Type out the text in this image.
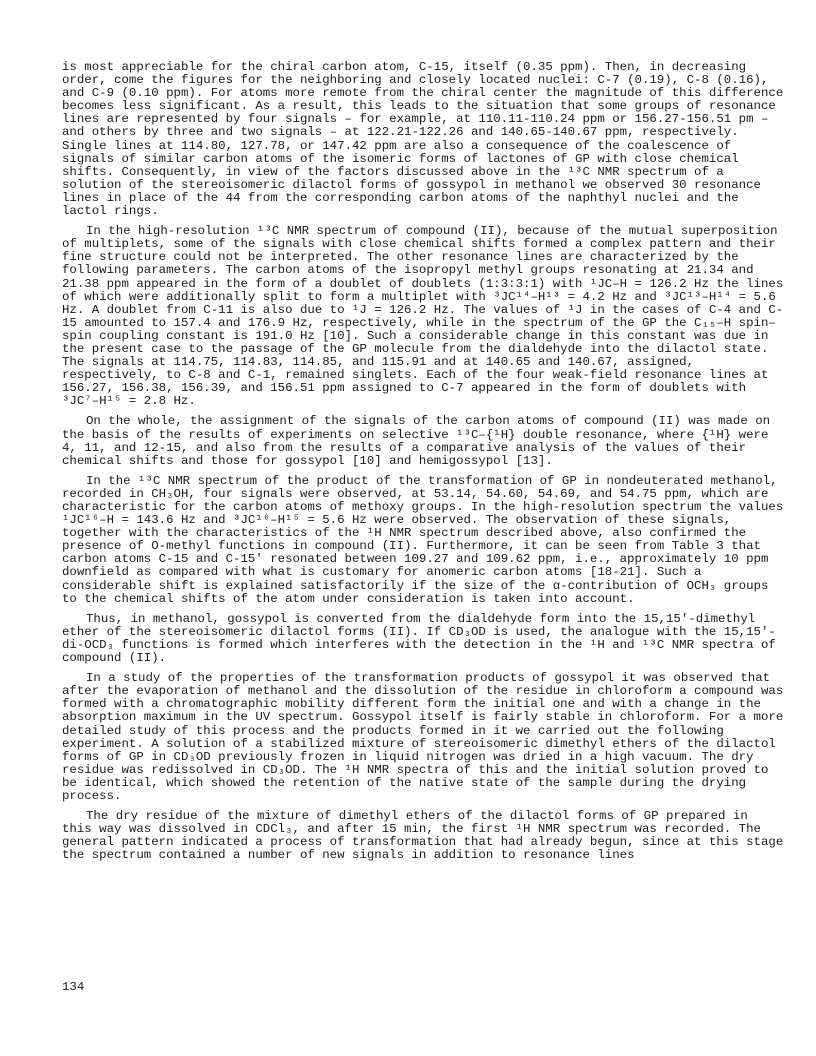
is most appreciable for the chiral carbon atom, C-15, itself (0.35 ppm). Then, in decreasing order, come the figures for the neighboring and closely located nuclei: C-7 (0.19), C-8 (0.16), and C-9 (0.10 ppm). For atoms more remote from the chiral center the magnitude of this difference becomes less significant. As a result, this leads to the situation that some groups of resonance lines are represented by four signals – for example, at 110.11-110.24 ppm or 156.27-156.51 pm – and others by three and two signals – at 122.21-122.26 and 140.65-140.67 ppm, respectively. Single lines at 114.80, 127.78, or 147.42 ppm are also a consequence of the coalescence of signals of similar carbon atoms of the isomeric forms of lactones of GP with close chemical shifts. Consequently, in view of the factors discussed above in the ¹³C NMR spectrum of a solution of the stereoisomeric dilactol forms of gossypol in methanol we observed 30 resonance lines in place of the 44 from the corresponding carbon atoms of the naphthyl nuclei and the lactol rings.

In the high-resolution ¹³C NMR spectrum of compound (II), because of the mutual superposition of multiplets, some of the signals with close chemical shifts formed a complex pattern and their fine structure could not be interpreted. The other resonance lines are characterized by the following parameters. The carbon atoms of the isopropyl methyl groups resonating at 21.34 and 21.38 ppm appeared in the form of a doublet of doublets (1:3:3:1) with ¹JC–H = 126.2 Hz the lines of which were additionally split to form a multiplet with ³JC¹⁴–H¹³ = 4.2 Hz and ³JC¹³–H¹⁴ = 5.6 Hz. A doublet from C-11 is also due to ¹J = 126.2 Hz. The values of ¹J in the cases of C-4 and C-15 amounted to 157.4 and 176.9 Hz, respectively, while in the spectrum of the GP the C₁₅–H spin–spin coupling constant is 191.0 Hz [10]. Such a considerable change in this constant was due in the present case to the passage of the GP molecule from the dialdehyde into the dilactol state. The signals at 114.75, 114.83, 114.85, and 115.91 and at 140.65 and 140.67, assigned, respectively, to C-8 and C-1, remained singlets. Each of the four weak-field resonance lines at 156.27, 156.38, 156.39, and 156.51 ppm assigned to C-7 appeared in the form of doublets with ³JC⁷–H¹⁵ = 2.8 Hz.

On the whole, the assignment of the signals of the carbon atoms of compound (II) was made on the basis of the results of experiments on selective ¹³C–{¹H} double resonance, where {¹H} were 4, 11, and 12-15, and also from the results of a comparative analysis of the values of their chemical shifts and those for gossypol [10] and hemigossypol [13].

In the ¹³C NMR spectrum of the product of the transformation of GP in nondeuterated methanol, recorded in CH₃OH, four signals were observed, at 53.14, 54.60, 54.69, and 54.75 ppm, which are characteristic for the carbon atoms of methoxy groups. In the high-resolution spectrum the values ¹JC¹⁶–H = 143.6 Hz and ³JC¹⁶–H¹⁵ = 5.6 Hz were observed. The observation of these signals, together with the characteristics of the ¹H NMR spectrum described above, also confirmed the presence of O-methyl functions in compound (II). Furthermore, it can be seen from Table 3 that carbon atoms C-15 and C-15' resonated between 109.27 and 109.62 ppm, i.e., approximately 10 ppm downfield as compared with what is customary for anomeric carbon atoms [18-21]. Such a considerable shift is explained satisfactorily if the size of the α-contribution of OCH₃ groups to the chemical shifts of the atom under consideration is taken into account.

Thus, in methanol, gossypol is converted from the dialdehyde form into the 15,15'-dimethyl ether of the stereoisomeric dilactol forms (II). If CD₃OD is used, the analogue with the 15,15'-di-OCD₃ functions is formed which interferes with the detection in the ¹H and ¹³C NMR spectra of compound (II).

In a study of the properties of the transformation products of gossypol it was observed that after the evaporation of methanol and the dissolution of the residue in chloroform a compound was formed with a chromatographic mobility different form the initial one and with a change in the absorption maximum in the UV spectrum. Gossypol itself is fairly stable in chloroform. For a more detailed study of this process and the products formed in it we carried out the following experiment. A solution of a stabilized mixture of stereoisomeric dimethyl ethers of the dilactol forms of GP in CD₃OD previously frozen in liquid nitrogen was dried in a high vacuum. The dry residue was redissolved in CD₃OD. The ¹H NMR spectra of this and the initial solution proved to be identical, which showed the retention of the native state of the sample during the drying process.

The dry residue of the mixture of dimethyl ethers of the dilactol forms of GP prepared in this way was dissolved in CDCl₃, and after 15 min, the first ¹H NMR spectrum was recorded. The general pattern indicated a process of transformation that had already begun, since at this stage the spectrum contained a number of new signals in addition to resonance lines

134
